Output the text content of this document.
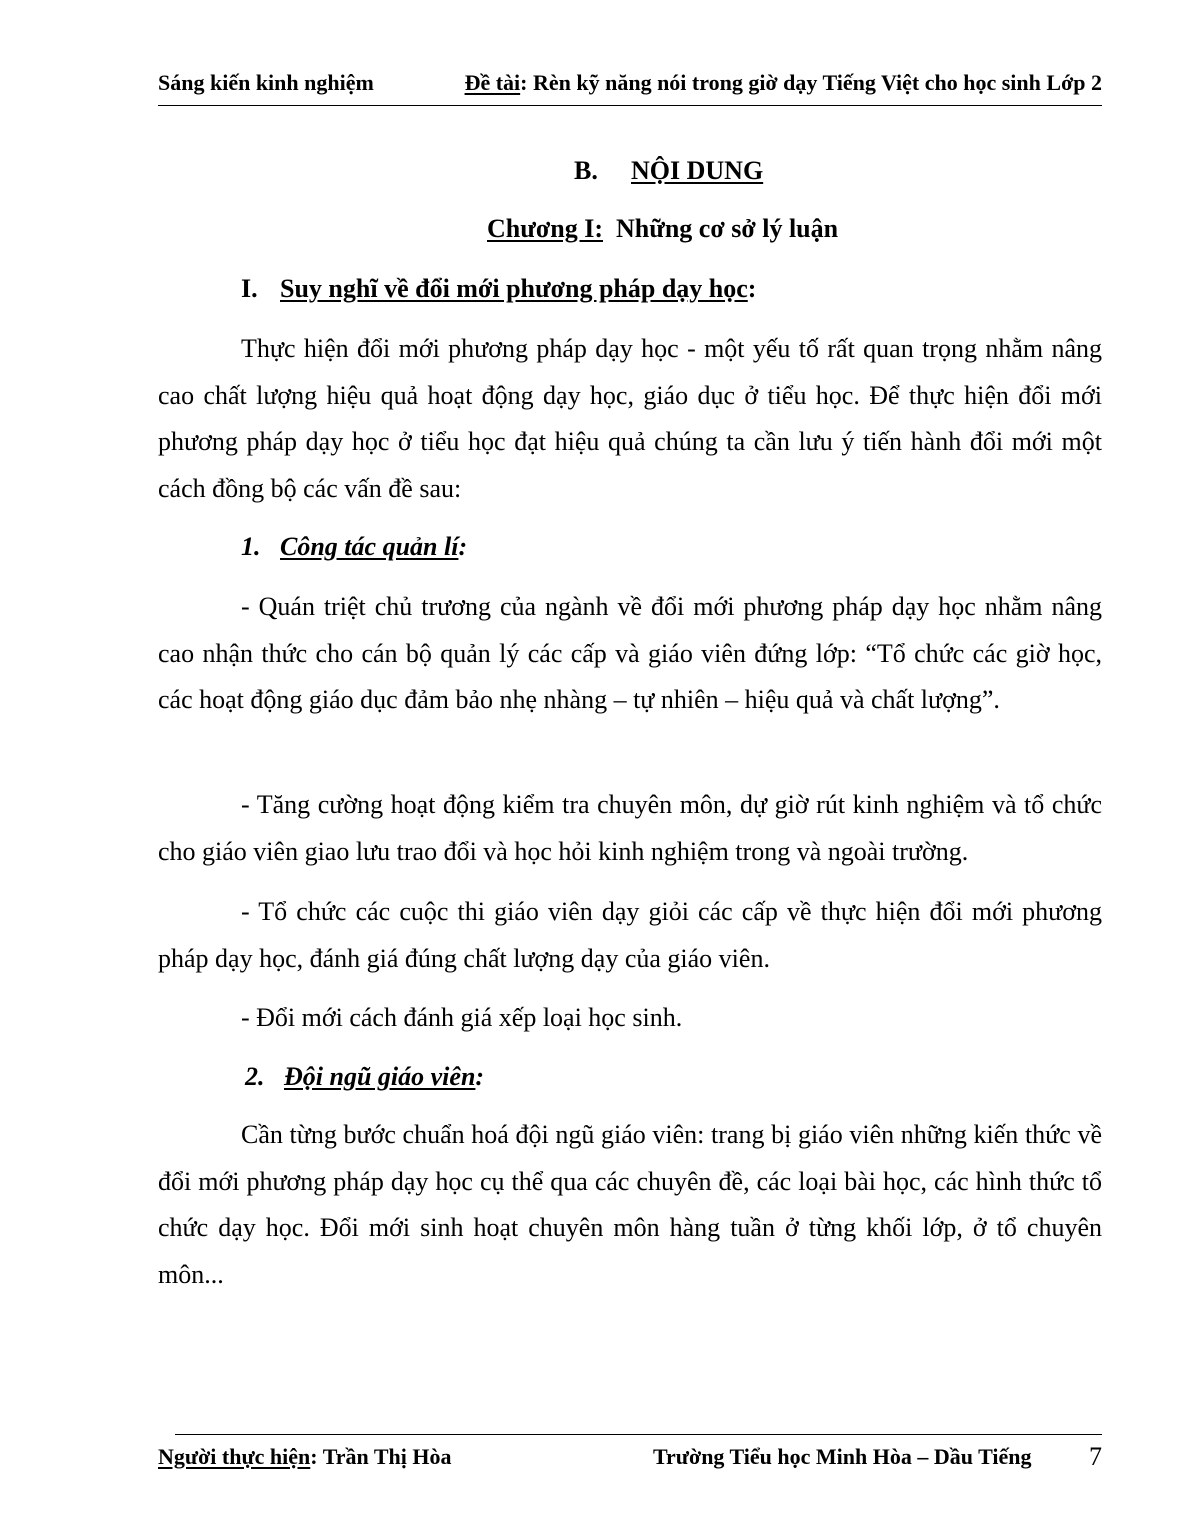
Sáng kiến kinh nghiệm	Đề tài: Rèn kỹ năng nói trong giờ dạy Tiếng Việt cho học sinh Lớp 2
B. NỘI DUNG
Chương I: Những cơ sở lý luận
I. Suy nghĩ về đổi mới phương pháp dạy học:

Thực hiện đổi mới phương pháp dạy học - một yếu tố rất quan trọng nhằm nâng cao chất lượng hiệu quả hoạt động dạy học, giáo dục ở tiểu học. Để thực hiện đổi mới phương pháp dạy học ở tiểu học đạt hiệu quả chúng ta cần lưu ý tiến hành đổi mới một cách đồng bộ các vấn đề sau:

1. Công tác quản lí:

- Quán triệt chủ trương của ngành về đổi mới phương pháp dạy học nhằm nâng cao nhận thức cho cán bộ quản lý các cấp và giáo viên đứng lớp: “Tổ chức các giờ học, các hoạt động giáo dục đảm bảo nhẹ nhàng – tự nhiên – hiệu quả và chất lượng”.

- Tăng cường hoạt động kiểm tra chuyên môn, dự giờ rút kinh nghiệm và tổ chức cho giáo viên giao lưu trao đổi và học hỏi kinh nghiệm trong và ngoài trường.

- Tổ chức các cuộc thi giáo viên dạy giỏi các cấp về thực hiện đổi mới phương pháp dạy học, đánh giá đúng chất lượng dạy của giáo viên.

- Đổi mới cách đánh giá xếp loại học sinh.

2. Đội ngũ giáo viên:

Cần từng bước chuẩn hoá đội ngũ giáo viên: trang bị giáo viên những kiến thức về đổi mới phương pháp dạy học cụ thể qua các chuyên đề, các loại bài học, các hình thức tổ chức dạy học. Đổi mới sinh hoạt chuyên môn hàng tuần ở từng khối lớp, ở tổ chuyên môn...

Người thực hiện: Trần Thị Hòa	Trường Tiểu học Minh Hòa – Dầu Tiếng 7
